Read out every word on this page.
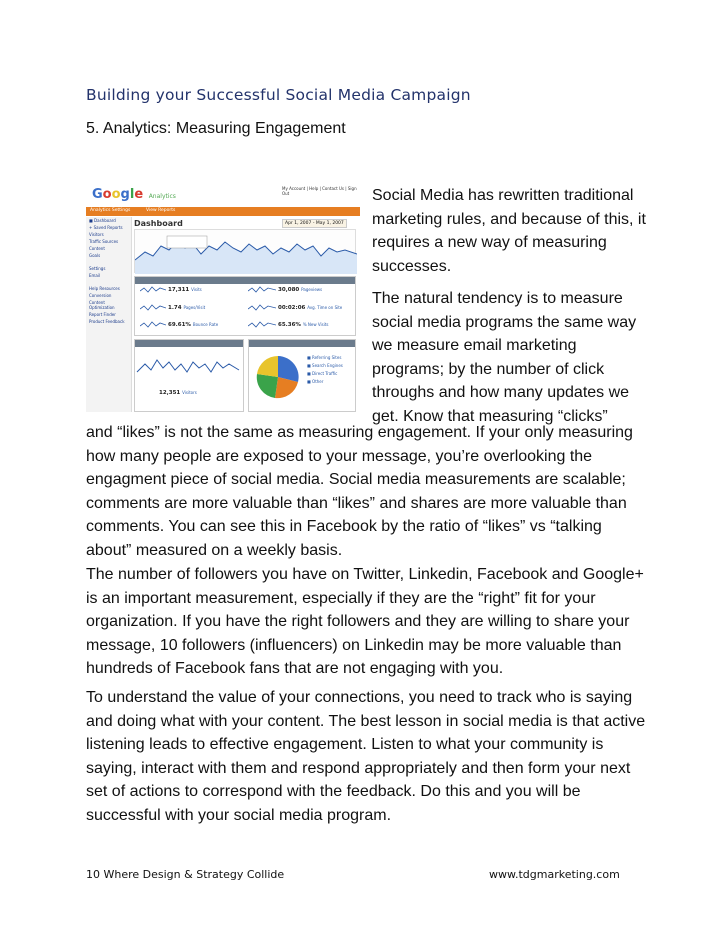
Building your Successful Social Media Campaign
5. Analytics: Measuring Engagement
Google Analytics
My Account | Help | Contact Us | Sign Out
Analytics Settings	View Reports
■ Dashboard
+ Saved Reports
Visitors
Traffic Sources
Content
Goals
Settings
Email
Help Resources
Conversion
Content Optimization
Report Finder
Product Feedback
Dashboard	Apr 1, 2007 - May 1, 2007
17,311 Visits	30,080 Pageviews
1.74 Pages/Visit	00:02:06 Avg. Time on Site
69.61% Bounce Rate	65.36% % New Visits
12,351 Visitors
■ Referring Sites
■ Search Engines
■ Direct Traffic
■ Other
Social Media has rewritten traditional marketing rules, and because of this, it requires a new way of measuring successes.
The natural tendency is to measure social media programs the same way we measure email marketing programs; by the number of click throughs and how many updates we get. Know that measuring “clicks”
and “likes” is not the same as measuring engagement. If your only measuring how many people are exposed to your message, you’re overlooking the engagment piece of social media. Social media measurements are scalable; comments are more valuable than “likes” and shares are more valuable than comments. You can see this in Facebook by the ratio of “likes” vs “talking about” measured on a weekly basis.
The number of followers you have on Twitter, Linkedin, Facebook and Google+ is an important measurement, especially if they are the “right” fit for your organization. If you have the right followers and they are willing to share your message, 10 followers (influencers) on Linkedin may be more valuable than hundreds of Facebook fans that are not engaging with you.
To understand the value of your connections, you need to track who is saying and doing what with your content. The best lesson in social media is that active listening leads to effective engagement. Listen to what your community is saying, interact with them and respond appropriately and then form your next set of actions to correspond with the feedback. Do this and you will be successful with your social media program.
10 Where Design & Strategy Collide	www.tdgmarketing.com
